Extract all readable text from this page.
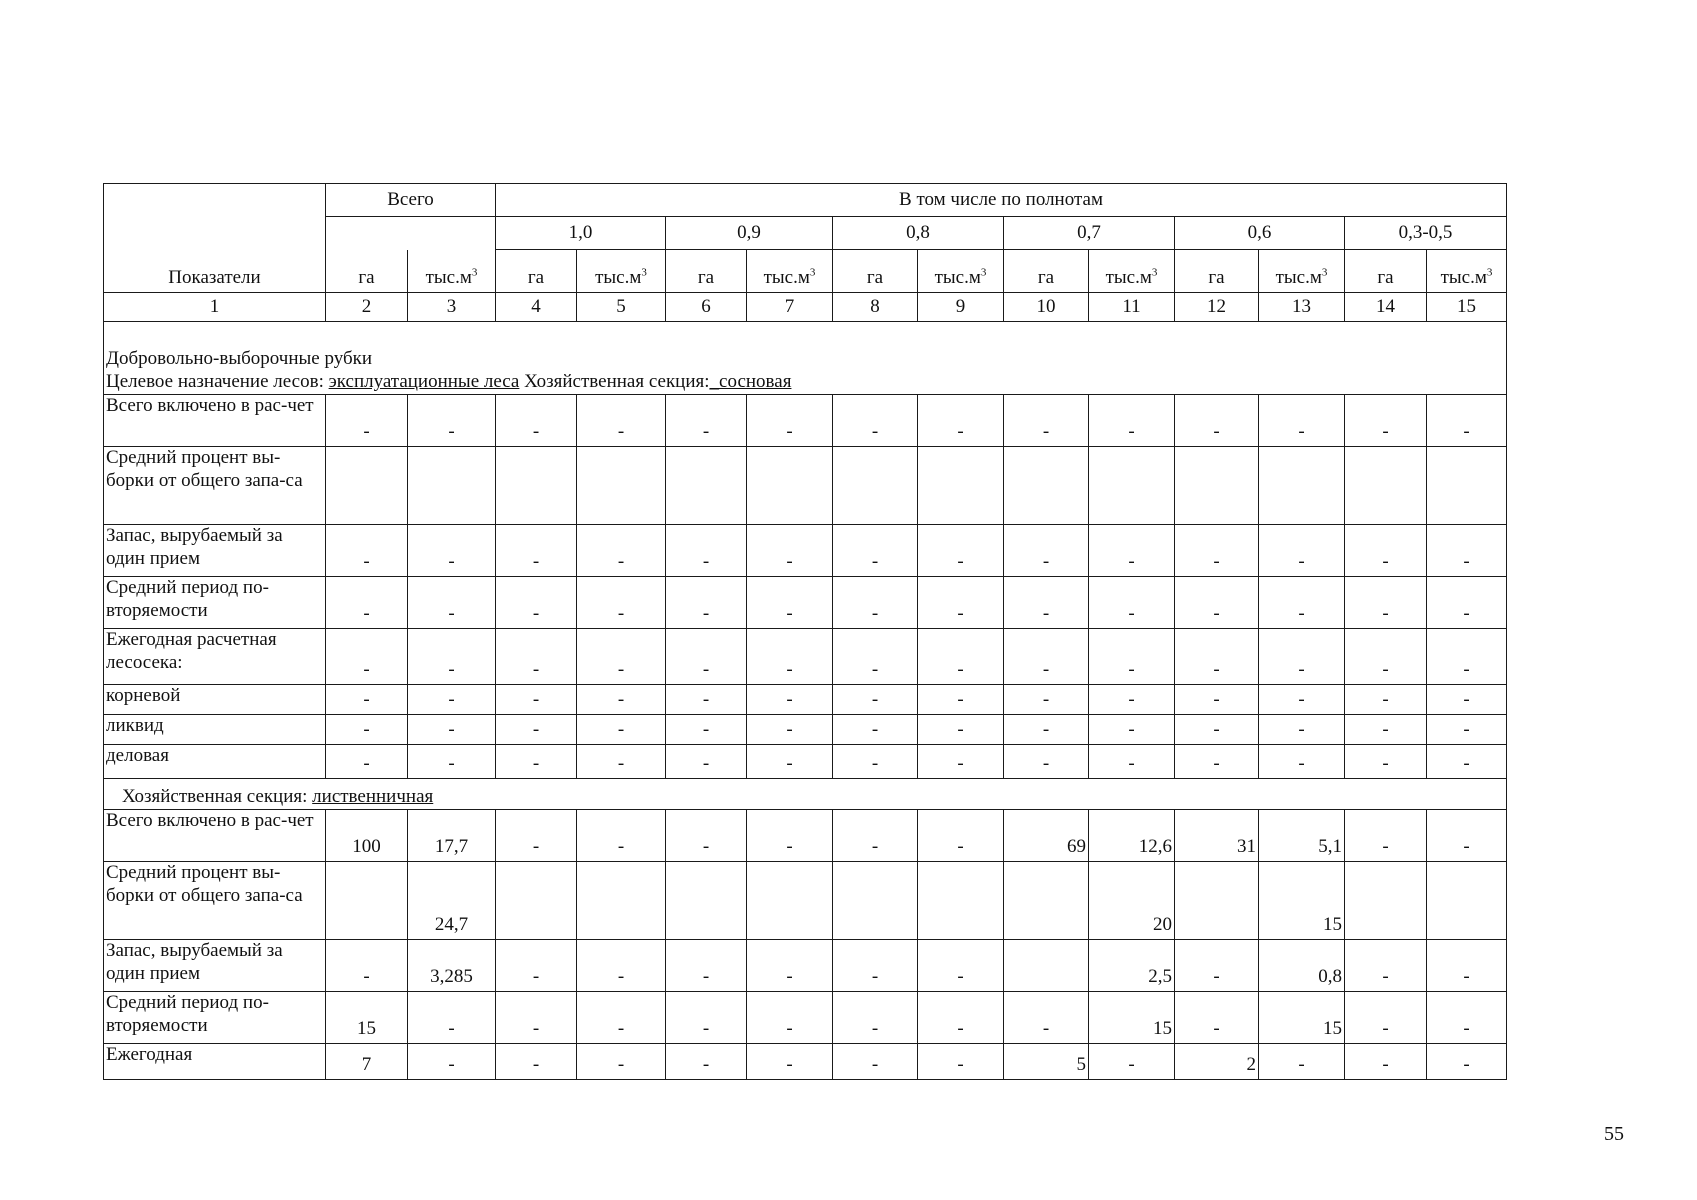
Показатели	Всего		В том числе по полнотам											
			1,0		0,9		0,8		0,7		0,6		0,3-0,5	
	га	$тыс.м^3$	га	$тыс.м^3$	га	$тыс.м^3$	га	$тыс.м^3$	га	$тыс.м^3$	га	$тыс.м^3$	га	$тыс.м^3$
1	2	3	4	5	6	7	8	9	10	11	12	13	14	15

Добровольно-выборочные рубки
Целевое назначение лесов: эксплуатационные леса Хозяйственная секция:_сосновая														

Всего включено в рас-чет	-	-	-	-	-	-	-	-	-	-	-	-	-	-
Средний процент вы-борки от общего запа-са														
Запас, вырубаемый за один прием	-	-	-	-	-	-	-	-	-	-	-	-	-	-
Средний период по-вторяемости	-	-	-	-	-	-	-	-	-	-	-	-	-	-
Ежегодная расчетная лесосека:	-	-	-	-	-	-	-	-	-	-	-	-	-	-
корневой	-	-	-	-	-	-	-	-	-	-	-	-	-	-
ликвид	-	-	-	-	-	-	-	-	-	-	-	-	-	-
деловая	-	-	-	-	-	-	-	-	-	-	-	-	-	-
Хозяйственная секция: лиственничная														
Всего включено в рас-чет	100	17,7	-	-	-	-	-	-	69	12,6	31	5,1	-	-
Средний процент вы-борки от общего запа-са		24,7								20		15		
Запас, вырубаемый за один прием	-	3,285	-	-	-	-	-	-		2,5	-	0,8	-	-
Средний период по-вторяемости	15	-	-	-	-	-	-	-	-	15	-	15	-	-
Ежегодная	7	-	-	-	-	-	-	-	5	-	2	-	-	-
55
